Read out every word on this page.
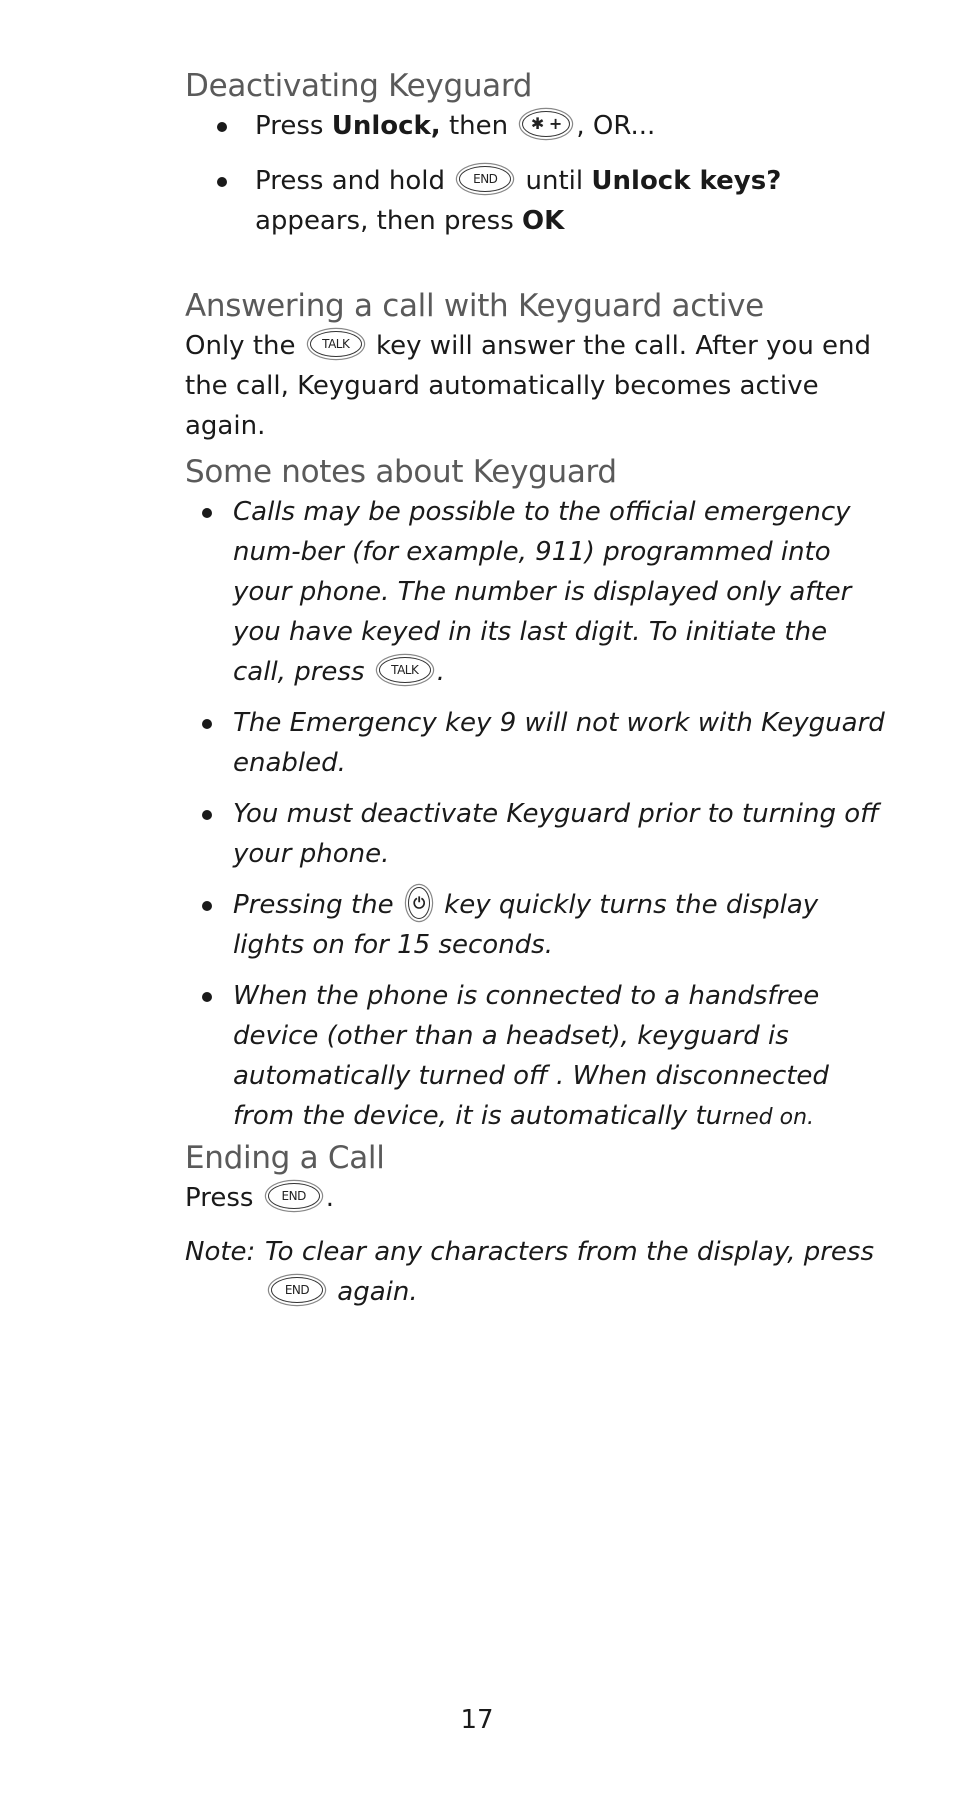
Deactivating Keyguard
Press Unlock, then ✱ + , OR...
Press and hold END until Unlock keys? appears, then press OK
Answering a call with Keyguard active

Only the TALK key will answer the call. After you end the call, Keyguard automatically becomes active again.

Some notes about Keyguard
Calls may be possible to the official emergency num-ber (for example, 911) programmed into your phone. The number is displayed only after you have keyed in its last digit. To initiate the call, press TALK .
The Emergency key 9 will not work with Keyguard enabled.
You must deactivate Keyguard prior to turning off your phone.
Pressing the ⏻ key quickly turns the display lights on for 15 seconds.
When the phone is connected to a handsfree device (other than a headset), keyguard is automatically turned off . When disconnected from the device, it is automatically turned on.
Ending a Call

Press END .

Note: To clear any characters from the display, press END again.
17
